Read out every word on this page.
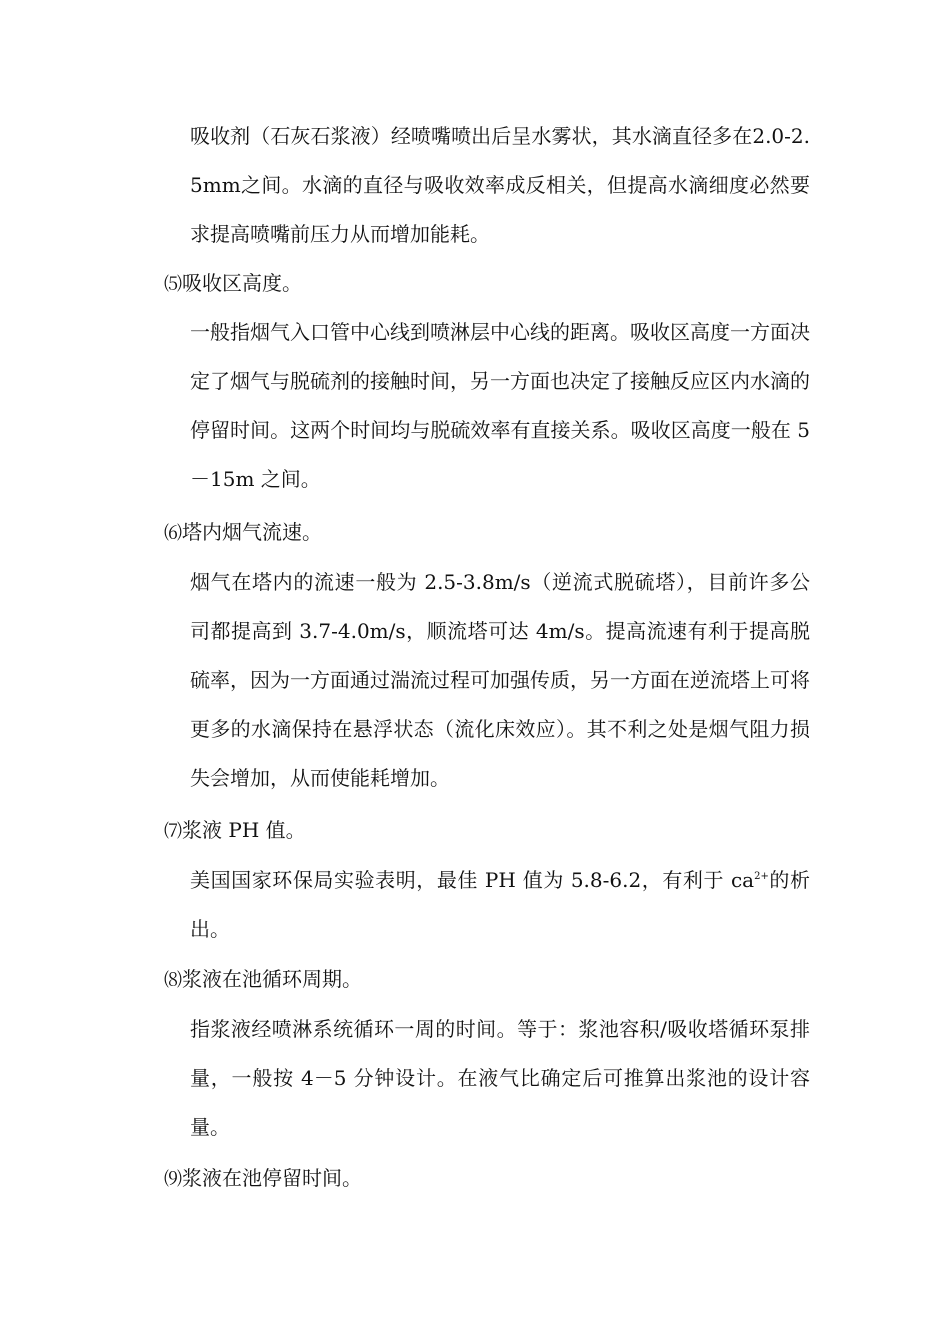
吸收剂（石灰石浆液）经喷嘴喷出后呈水雾状，其水滴直径多在2.0-2.5mm之间。水滴的直径与吸收效率成反相关，但提高水滴细度必然要求提高喷嘴前压力从而增加能耗。

⑸吸收区高度。

一般指烟气入口管中心线到喷淋层中心线的距离。吸收区高度一方面决定了烟气与脱硫剂的接触时间，另一方面也决定了接触反应区内水滴的停留时间。这两个时间均与脱硫效率有直接关系。吸收区高度一般在 5－15m 之间。

⑹塔内烟气流速。

烟气在塔内的流速一般为 2.5-3.8m/s（逆流式脱硫塔），目前许多公司都提高到 3.7-4.0m/s，顺流塔可达 4m/s。提高流速有利于提高脱硫率，因为一方面通过湍流过程可加强传质，另一方面在逆流塔上可将更多的水滴保持在悬浮状态（流化床效应）。其不利之处是烟气阻力损失会增加，从而使能耗增加。

⑺浆液 PH 值。

美国国家环保局实验表明，最佳 PH 值为 5.8-6.2，有利于 $ca^{2+}$的析出。

⑻浆液在池循环周期。

指浆液经喷淋系统循环一周的时间。等于：浆池容积/吸收塔循环泵排量，一般按 4－5 分钟设计。在液气比确定后可推算出浆池的设计容量。

⑼浆液在池停留时间。
